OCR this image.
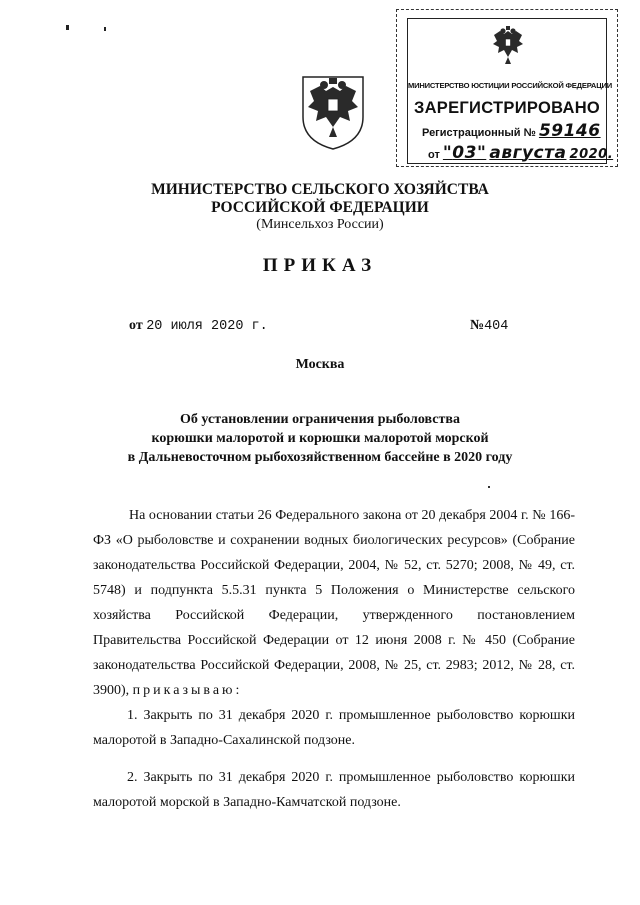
МИНИСТЕРСТВО ЮСТИЦИИ РОССИЙСКОЙ ФЕДЕРАЦИИ
ЗАРЕГИСТРИРОВАНО
Регистрационный № 59146
от "03" августа 2020.
МИНИСТЕРСТВО СЕЛЬСКОГО ХОЗЯЙСТВА
РОССИЙСКОЙ ФЕДЕРАЦИИ
(Минсельхоз России)
ПРИКАЗ
от 20 июля 2020 г.	№404
Москва
Об установлении ограничения рыболовства
корюшки малоротой и корюшки малоротой морской
в Дальневосточном рыбохозяйственном бассейне в 2020 году

На основании статьи 26 Федерального закона от 20 декабря 2004 г. № 166-ФЗ «О рыболовстве и сохранении водных биологических ресурсов» (Собрание законодательства Российской Федерации, 2004, № 52, ст. 5270; 2008, № 49, ст. 5748) и подпункта 5.5.31 пункта 5 Положения о Министерстве сельского хозяйства Российской Федерации, утвержденного постановлением Правительства Российской Федерации от 12 июня 2008 г. № 450 (Собрание законодательства Российской Федерации, 2008, № 25, ст. 2983; 2012, № 28, ст. 3900), приказываю:

1. Закрыть по 31 декабря 2020 г. промышленное рыболовство корюшки малоротой в Западно-Сахалинской подзоне.

2. Закрыть по 31 декабря 2020 г. промышленное рыболовство корюшки малоротой морской в Западно-Камчатской подзоне.
